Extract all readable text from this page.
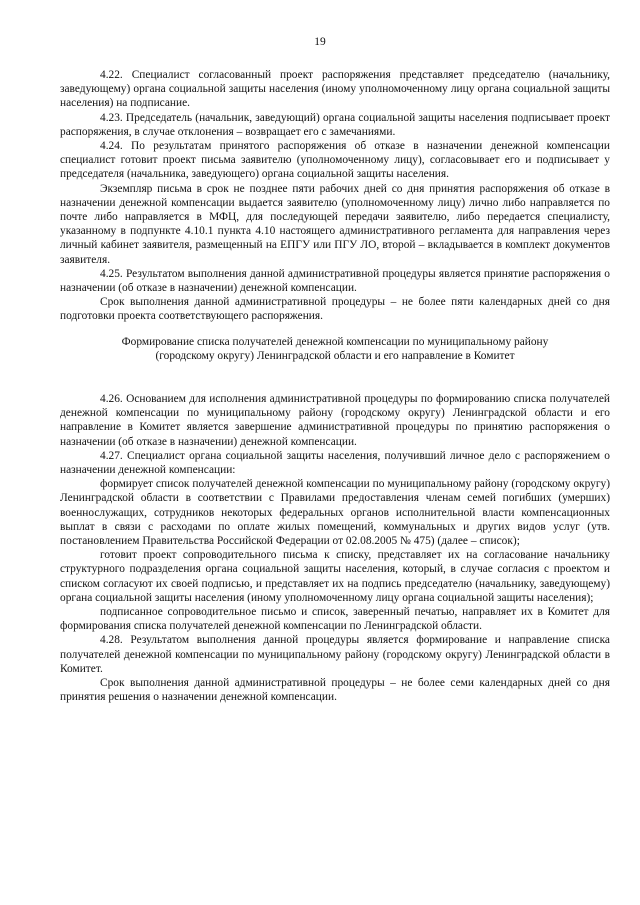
19

4.22. Специалист согласованный проект распоряжения представляет председателю (начальнику, заведующему) органа социальной защиты населения (иному уполномоченному лицу органа социальной защиты населения) на подписание.

4.23. Председатель (начальник, заведующий) органа социальной защиты населения подписывает проект распоряжения, в случае отклонения – возвращает его с замечаниями.

4.24. По результатам принятого распоряжения об отказе в назначении денежной компенсации специалист готовит проект письма заявителю (уполномоченному лицу), согласовывает его и подписывает у председателя (начальника, заведующего) органа социальной защиты населения.

Экземпляр письма в срок не позднее пяти рабочих дней со дня принятия распоряжения об отказе в назначении денежной компенсации выдается заявителю (уполномоченному лицу) лично либо направляется по почте либо направляется в МФЦ, для последующей передачи заявителю, либо передается специалисту, указанному в подпункте 4.10.1 пункта 4.10 настоящего административного регламента для направления через личный кабинет заявителя, размещенный на ЕПГУ или ПГУ ЛО, второй – вкладывается в комплект документов заявителя.

4.25. Результатом выполнения данной административной процедуры является принятие распоряжения о назначении (об отказе в назначении) денежной компенсации.

Срок выполнения данной административной процедуры – не более пяти календарных дней со дня подготовки проекта соответствующего распоряжения.

Формирование списка получателей денежной компенсации по муниципальному району

(городскому округу) Ленинградской области и его направление в Комитет

4.26. Основанием для исполнения административной процедуры по формированию списка получателей денежной компенсации по муниципальному району (городскому округу) Ленинградской области и его направление в Комитет является завершение административной процедуры по принятию распоряжения о назначении (об отказе в назначении) денежной компенсации.

4.27. Специалист органа социальной защиты населения, получивший личное дело с распоряжением о назначении денежной компенсации:

формирует список получателей денежной компенсации по муниципальному району (городскому округу) Ленинградской области в соответствии с Правилами предоставления членам семей погибших (умерших) военнослужащих, сотрудников некоторых федеральных органов исполнительной власти компенсационных выплат в связи с расходами по оплате жилых помещений, коммунальных и других видов услуг (утв. постановлением Правительства Российской Федерации от 02.08.2005 № 475) (далее – список);

готовит проект сопроводительного письма к списку, представляет их на согласование начальнику структурного подразделения органа социальной защиты населения, который, в случае согласия с проектом и списком согласуют их своей подписью, и представляет их на подпись председателю (начальнику, заведующему) органа социальной защиты населения (иному уполномоченному лицу органа социальной защиты населения);

подписанное сопроводительное письмо и список, заверенный печатью, направляет их в Комитет для формирования списка получателей денежной компенсации по Ленинградской области.

4.28. Результатом выполнения данной процедуры является формирование и направление списка получателей денежной компенсации по муниципальному району (городскому округу) Ленинградской области в Комитет.

Срок выполнения данной административной процедуры – не более семи календарных дней со дня принятия решения о назначении денежной компенсации.
